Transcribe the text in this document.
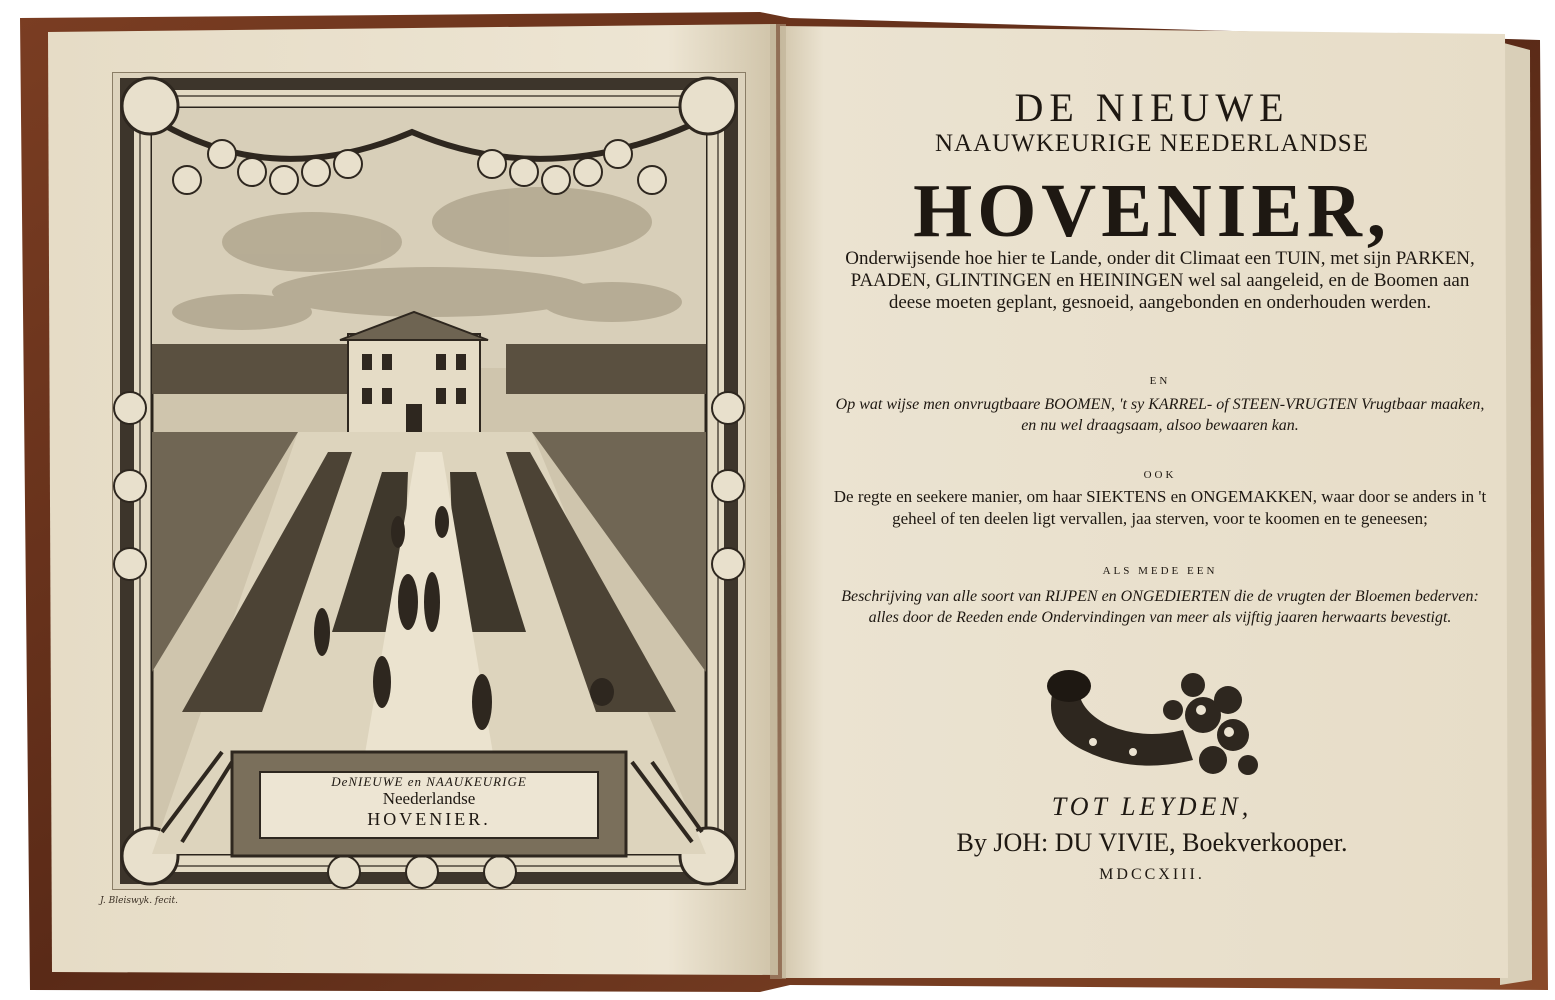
DeNIEUWE en NAAUKEURIGE
Neederlandse
HOVENIER.
J. Bleiswyk. fecit.
DE NIEUWE
NAAUWKEURIGE NEEDERLANDSE
HOVENIER,
Onderwijsende hoe hier te Lande, onder dit Climaat een TUIN, met sijn PARKEN, PAADEN, GLINTINGEN en HEININGEN wel sal aangeleid, en de Boomen aan deese moeten geplant, gesnoeid, aangebonden en onderhouden werden.
EN
Op wat wijse men onvrugtbaare BOOMEN, 't sy KARREL- of STEEN-VRUGTEN Vrugtbaar maaken, en nu wel draagsaam, alsoo bewaaren kan.
OOK
De regte en seekere manier, om haar SIEKTENS en ONGEMAKKEN, waar door se anders in 't geheel of ten deelen ligt vervallen, jaa sterven, voor te koomen en te geneesen;
ALS MEDE EEN
Beschrijving van alle soort van RIJPEN en ONGEDIERTEN die de vrugten der Bloemen bederven: alles door de Reeden ende Ondervindingen van meer als vijftig jaaren herwaarts bevestigt.
TOT LEYDEN,
By JOH: DU VIVIE, Boekverkooper.
MDCCXIII.
